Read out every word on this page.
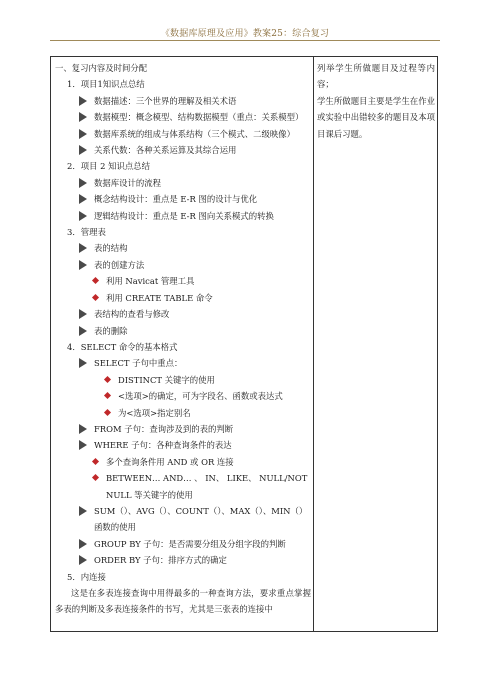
《数据库原理及应用》教案25：综合复习
一、复习内容及时间分配
1．项目1知识点总结
数据描述：三个世界的理解及相关术语
数据模型：概念模型、结构数据模型（重点：关系模型）
数据库系统的组成与体系结构（三个模式、二级映像）
关系代数：各种关系运算及其综合运用
2．项目 2 知识点总结
数据库设计的流程
概念结构设计：重点是 E-R 图的设计与优化
逻辑结构设计：重点是 E-R 图向关系模式的转换
3．管理表
表的结构
表的创建方法
利用 Navicat 管理工具
利用 CREATE TABLE 命令
表结构的查看与修改
表的删除
4．SELECT 命令的基本格式
SELECT 子句中重点：
DISTINCT 关键字的使用
<选项>的确定，可为字段名、函数或表达式
为<选项>指定别名
FROM 子句：查询涉及到的表的判断
WHERE 子句：各种查询条件的表达
多个查询条件用 AND 或 OR 连接
BETWEEN… AND… 、 IN、 LIKE、 NULL/NOT NULL 等关键字的使用
SUM（）、AVG（）、COUNT（）、MAX（）、MIN（）函数的使用
GROUP BY 子句：是否需要分组及分组字段的判断
ORDER BY 子句：排序方式的确定
5．内连接
这是在多表连接查询中用得最多的一种查询方法，要求重点掌握多表的判断及多表连接条件的书写，尤其是三张表的连接中
列举学生所做题目及过程等内容；
学生所做题目主要是学生在作业或实验中出错较多的题目及本项目课后习题。
